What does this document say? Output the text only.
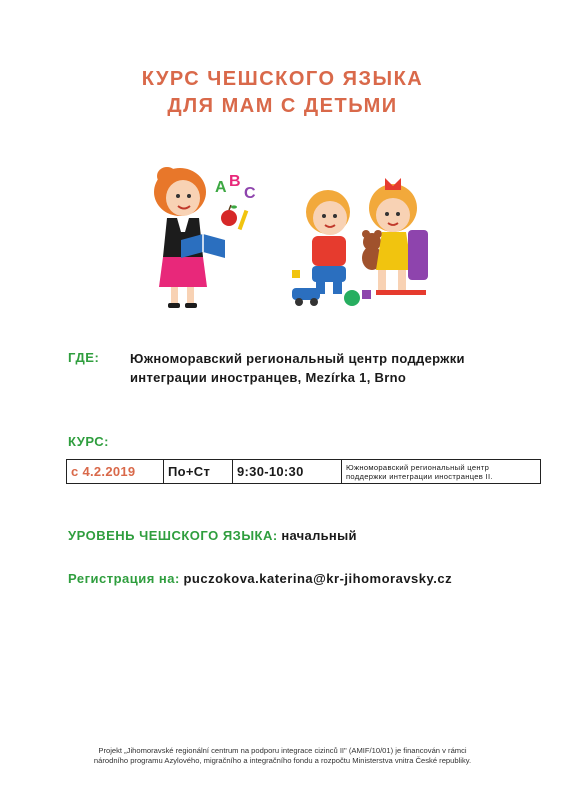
КУРС ЧЕШСКОГО ЯЗЫКА
ДЛЯ МАМ С ДЕТЬМИ
A B
C
ГДЕ: Южноморавский региональный центр поддержки
интеграции иностранцев, Mezírka 1, Brno
КУРС:
с 4.2.2019	По+Ст	9:30-10:30	Южноморавский региональный центр
поддержки интеграции иностранцев II.
УРОВЕНЬ ЧЕШСКОГО ЯЗЫКА: начальный
Регистрация на: puczokova.katerina@kr-jihomoravsky.cz
Projekt „Jihomoravské regionální centrum na podporu integrace cizinců II" (AMIF/10/01) je financován v rámci
národního programu Azylového, migračního a integračního fondu a rozpočtu Ministerstva vnitra České republiky.
